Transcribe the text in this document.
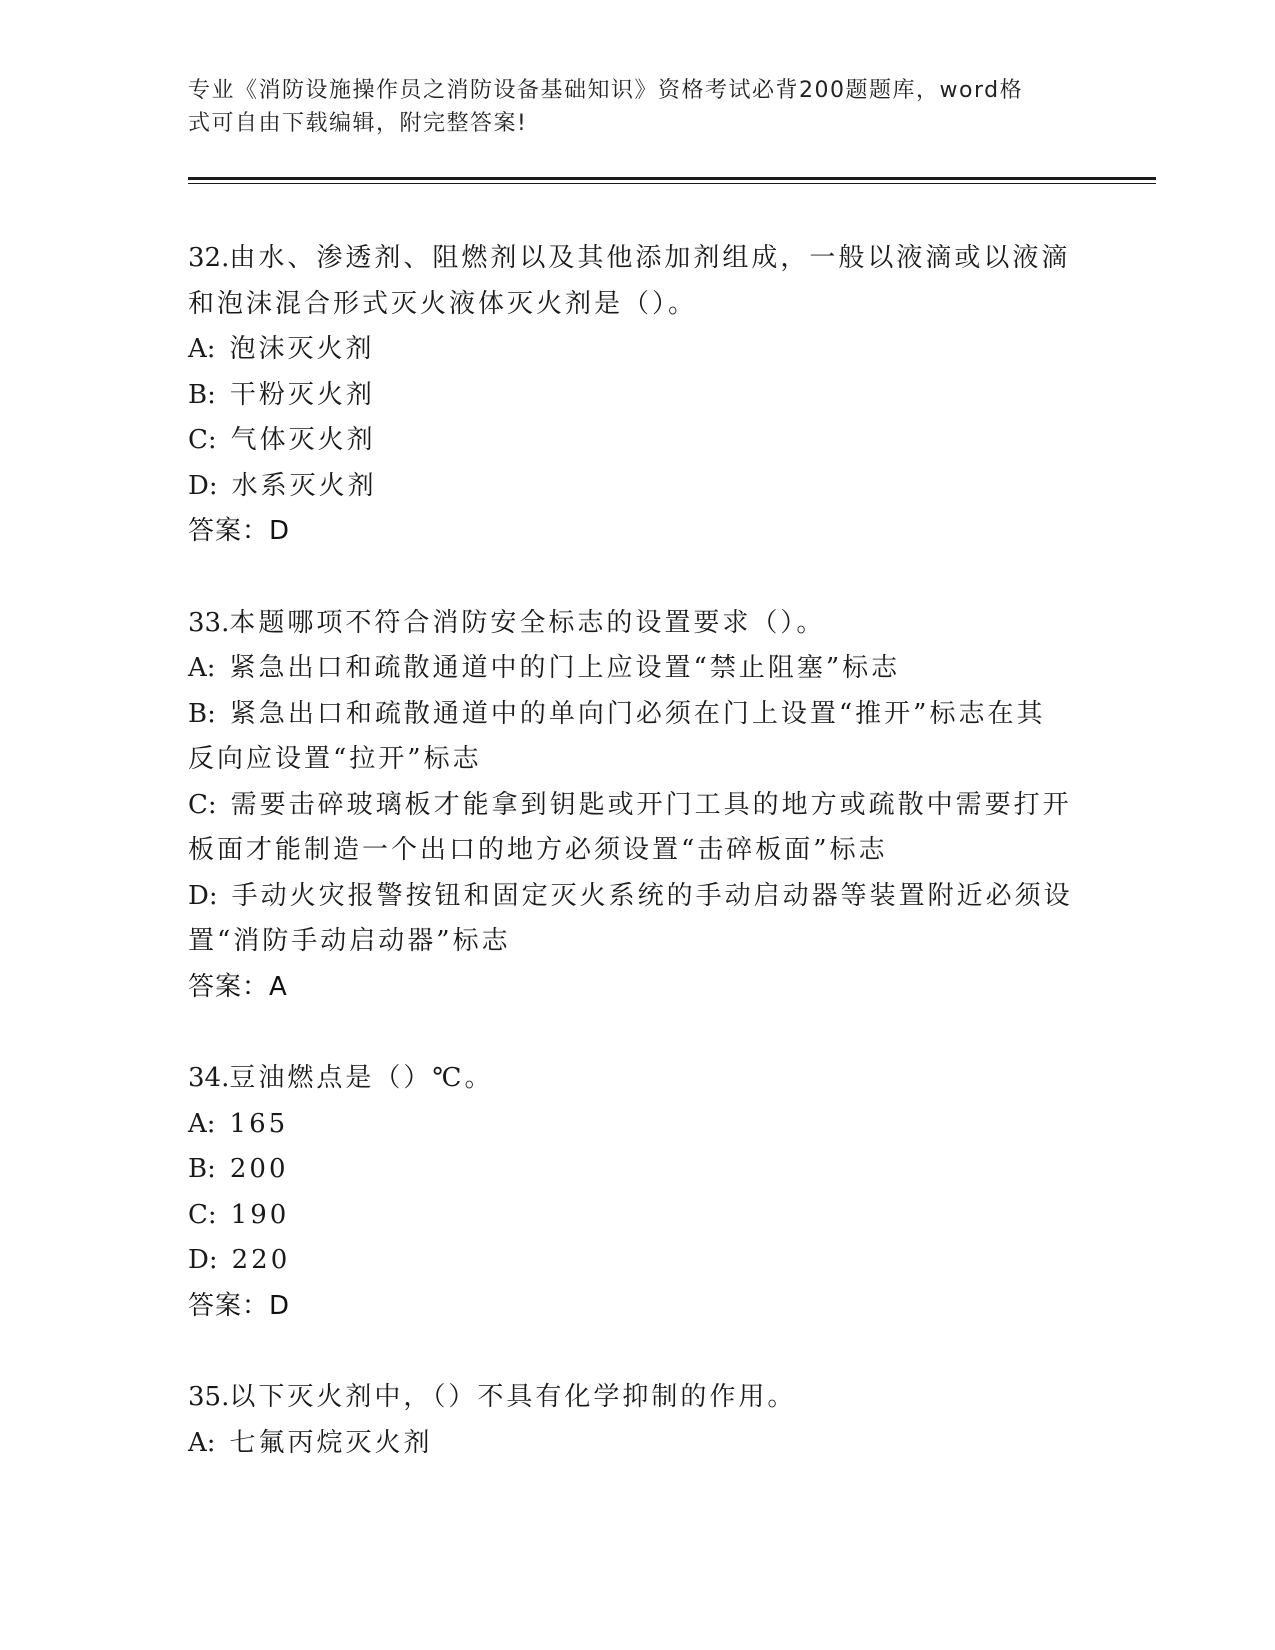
专业《消防设施操作员之消防设备基础知识》资格考试必背200题题库，word格
式可自由下载编辑，附完整答案!

32.由水、渗透剂、阻燃剂以及其他添加剂组成，一般以液滴或以液滴

和泡沫混合形式灭火液体灭火剂是（）。

A: 泡沫灭火剂

B: 干粉灭火剂

C: 气体灭火剂

D: 水系灭火剂

答案：D

33.本题哪项不符合消防安全标志的设置要求（）。

A: 紧急出口和疏散通道中的门上应设置“禁止阻塞”标志

B: 紧急出口和疏散通道中的单向门必须在门上设置“推开”标志在其

反向应设置“拉开”标志

C: 需要击碎玻璃板才能拿到钥匙或开门工具的地方或疏散中需要打开

板面才能制造一个出口的地方必须设置“击碎板面”标志

D: 手动火灾报警按钮和固定灭火系统的手动启动器等装置附近必须设

置“消防手动启动器”标志

答案：A

34.豆油燃点是（）℃。

A: 165

B: 200

C: 190

D: 220

答案：D

35.以下灭火剂中，（）不具有化学抑制的作用。

A: 七氟丙烷灭火剂
